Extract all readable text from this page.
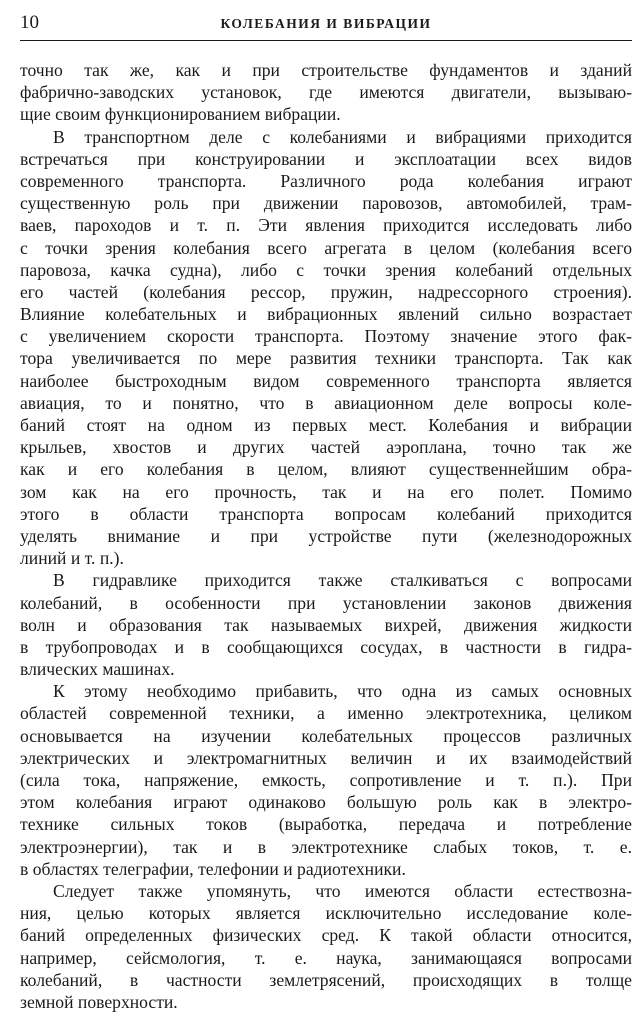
10	КОЛЕБАНИЯ И ВИБРАЦИИ
точно так же, как и при строительстве фундаментов и зданий
фабрично-заводских установок, где имеются двигатели, вызываю-
щие своим функционированием вибрации.
В транспортном деле с колебаниями и вибрациями приходится
встречаться при конструировании и эксплоатации всех видов
современного транспорта. Различного рода колебания играют
существенную роль при движении паровозов, автомобилей, трам-
ваев, пароходов и т. п. Эти явления приходится исследовать либо
с точки зрения колебания всего агрегата в целом (колебания всего
паровоза, качка судна), либо с точки зрения колебаний отдельных
его частей (колебания рессор, пружин, надрессорного строения).
Влияние колебательных и вибрационных явлений сильно возрастает
с увеличением скорости транспорта. Поэтому значение этого фак-
тора увеличивается по мере развития техники транспорта. Так как
наиболее быстроходным видом современного транспорта является
авиация, то и понятно, что в авиационном деле вопросы коле-
баний стоят на одном из первых мест. Колебания и вибрации
крыльев, хвостов и других частей аэроплана, точно так же
как и его колебания в целом, влияют существеннейшим обра-
зом как на его прочность, так и на его полет. Помимо
этого в области транспорта вопросам колебаний приходится
уделять внимание и при устройстве пути (железнодорожных
линий и т. п.).
В гидравлике приходится также сталкиваться с вопросами
колебаний, в особенности при установлении законов движения
волн и образования так называемых вихрей, движения жидкости
в трубопроводах и в сообщающихся сосудах, в частности в гидра-
влических машинах.
К этому необходимо прибавить, что одна из самых основных
областей современной техники, а именно электротехника, целиком
основывается на изучении колебательных процессов различных
электрических и электромагнитных величин и их взаимодействий
(сила тока, напряжение, емкость, сопротивление и т. п.). При
этом колебания играют одинаково большую роль как в электро-
технике сильных токов (выработка, передача и потребление
электроэнергии), так и в электротехнике слабых токов, т. е.
в областях телеграфии, телефонии и радиотехники.
Следует также упомянуть, что имеются области естествозна-
ния, целью которых является исключительно исследование коле-
баний определенных физических сред. К такой области относится,
например, сейсмология, т. е. наука, занимающаяся вопросами
колебаний, в частности землетрясений, происходящих в толще
земной поверхности.
